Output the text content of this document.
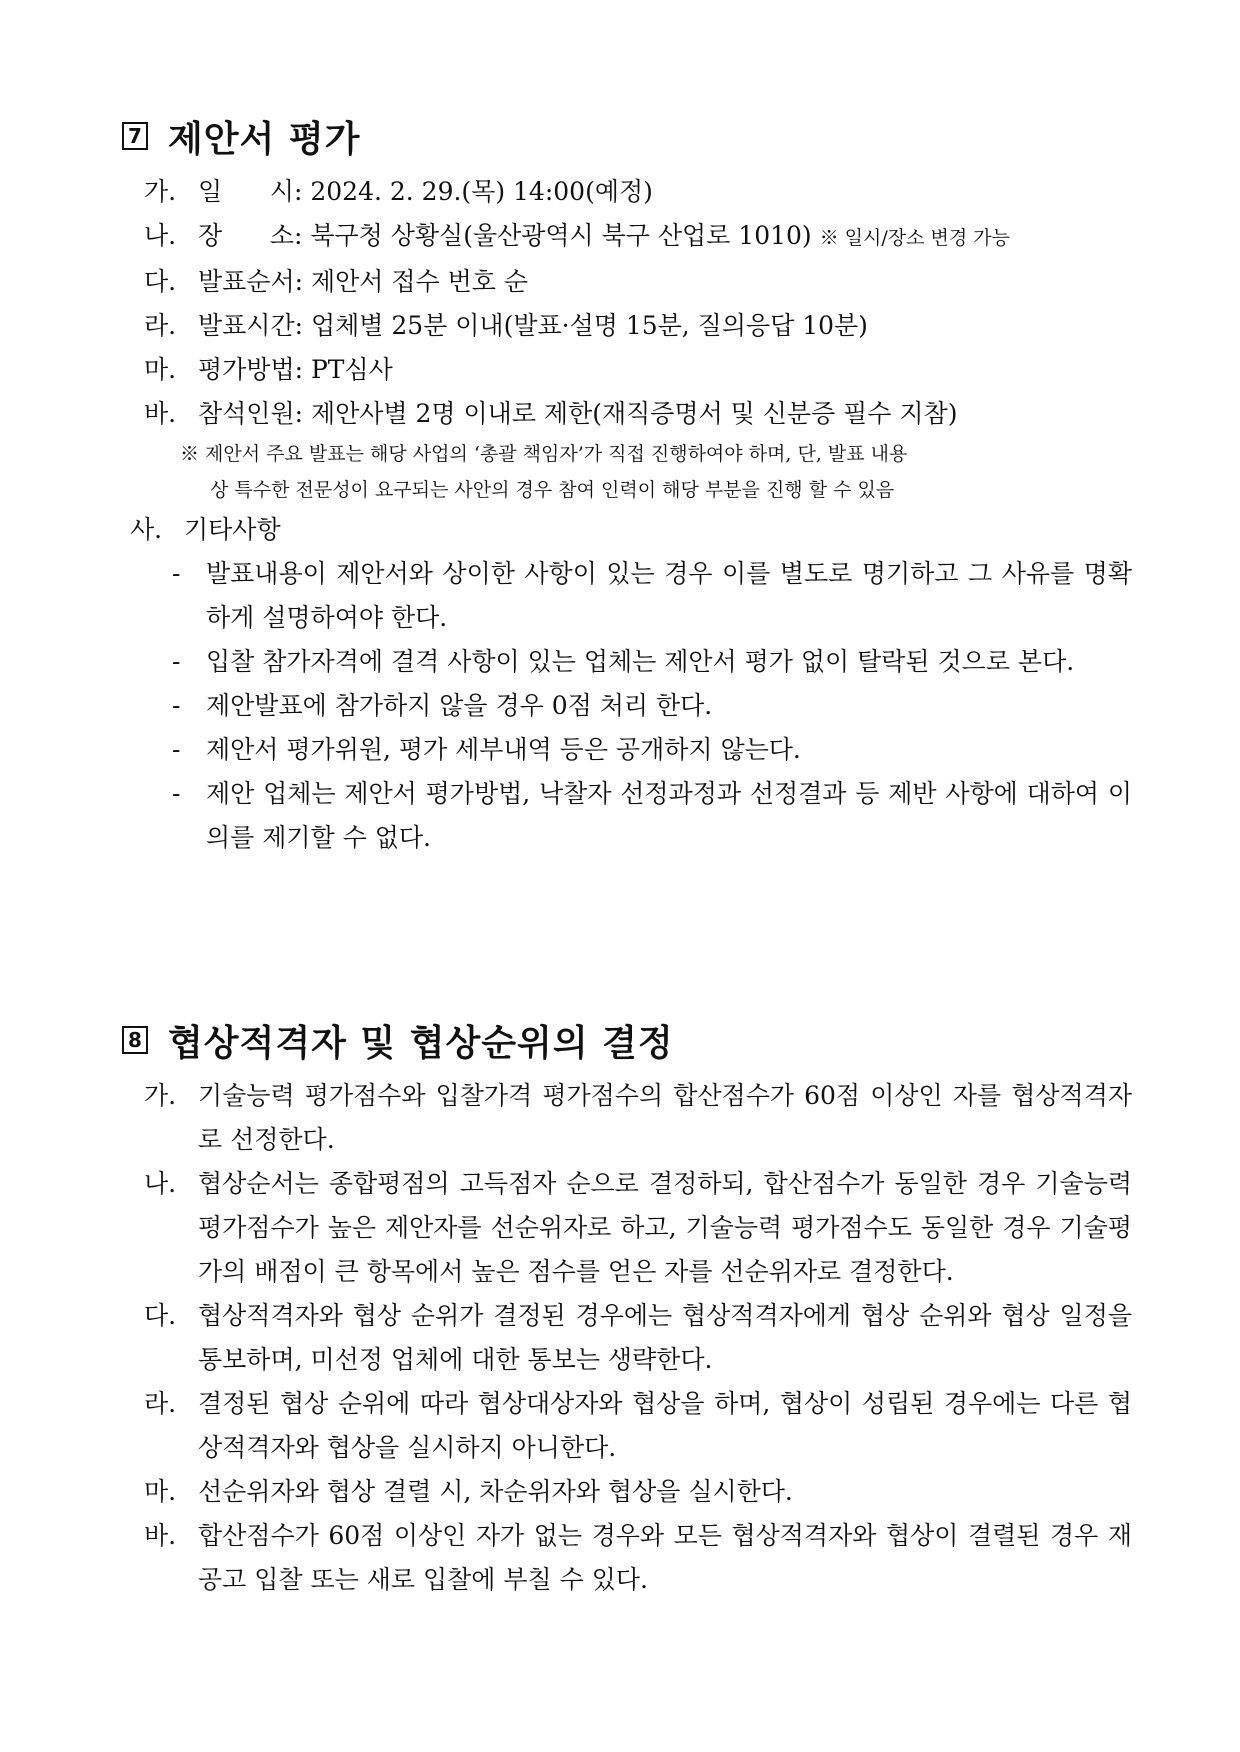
7 제안서 평가
가. 일      시: 2024. 2. 29.(목) 14:00(예정)
나. 장      소: 북구청 상황실(울산광역시 북구 산업로 1010) ※ 일시/장소 변경 가능
다. 발표순서: 제안서 접수 번호 순
라. 발표시간: 업체별 25분 이내(발표·설명 15분, 질의응답 10분)
마. 평가방법: PT심사
바. 참석인원: 제안사별 2명 이내로 제한(재직증명서 및 신분증 필수 지참)
※ 제안서 주요 발표는 해당 사업의 ‘총괄 책임자’가 직접 진행하여야 하며, 단, 발표 내용
상 특수한 전문성이 요구되는 사안의 경우 참여 인력이 해당 부분을 진행 할 수 있음
사. 기타사항
-	발표내용이 제안서와 상이한 사항이 있는 경우 이를 별도로 명기하고 그 사유를 명확하게 설명하여야 한다.
-	입찰 참가자격에 결격 사항이 있는 업체는 제안서 평가 없이 탈락된 것으로 본다.
-	제안발표에 참가하지 않을 경우 0점 처리 한다.
-	제안서 평가위원, 평가 세부내역 등은 공개하지 않는다.
-	제안 업체는 제안서 평가방법, 낙찰자 선정과정과 선정결과 등 제반 사항에 대하여 이의를 제기할 수 없다.
8 협상적격자 및 협상순위의 결정
가. 기술능력 평가점수와 입찰가격 평가점수의 합산점수가 60점 이상인 자를 협상적격자로 선정한다.
나. 협상순서는 종합평점의 고득점자 순으로 결정하되, 합산점수가 동일한 경우 기술능력 평가점수가 높은 제안자를 선순위자로 하고, 기술능력 평가점수도 동일한 경우 기술평가의 배점이 큰 항목에서 높은 점수를 얻은 자를 선순위자로 결정한다.
다. 협상적격자와 협상 순위가 결정된 경우에는 협상적격자에게 협상 순위와 협상 일정을 통보하며, 미선정 업체에 대한 통보는 생략한다.
라. 결정된 협상 순위에 따라 협상대상자와 협상을 하며, 협상이 성립된 경우에는 다른 협상적격자와 협상을 실시하지 아니한다.
마. 선순위자와 협상 결렬 시, 차순위자와 협상을 실시한다.
바. 합산점수가 60점 이상인 자가 없는 경우와 모든 협상적격자와 협상이 결렬된 경우 재공고 입찰 또는 새로 입찰에 부칠 수 있다.
